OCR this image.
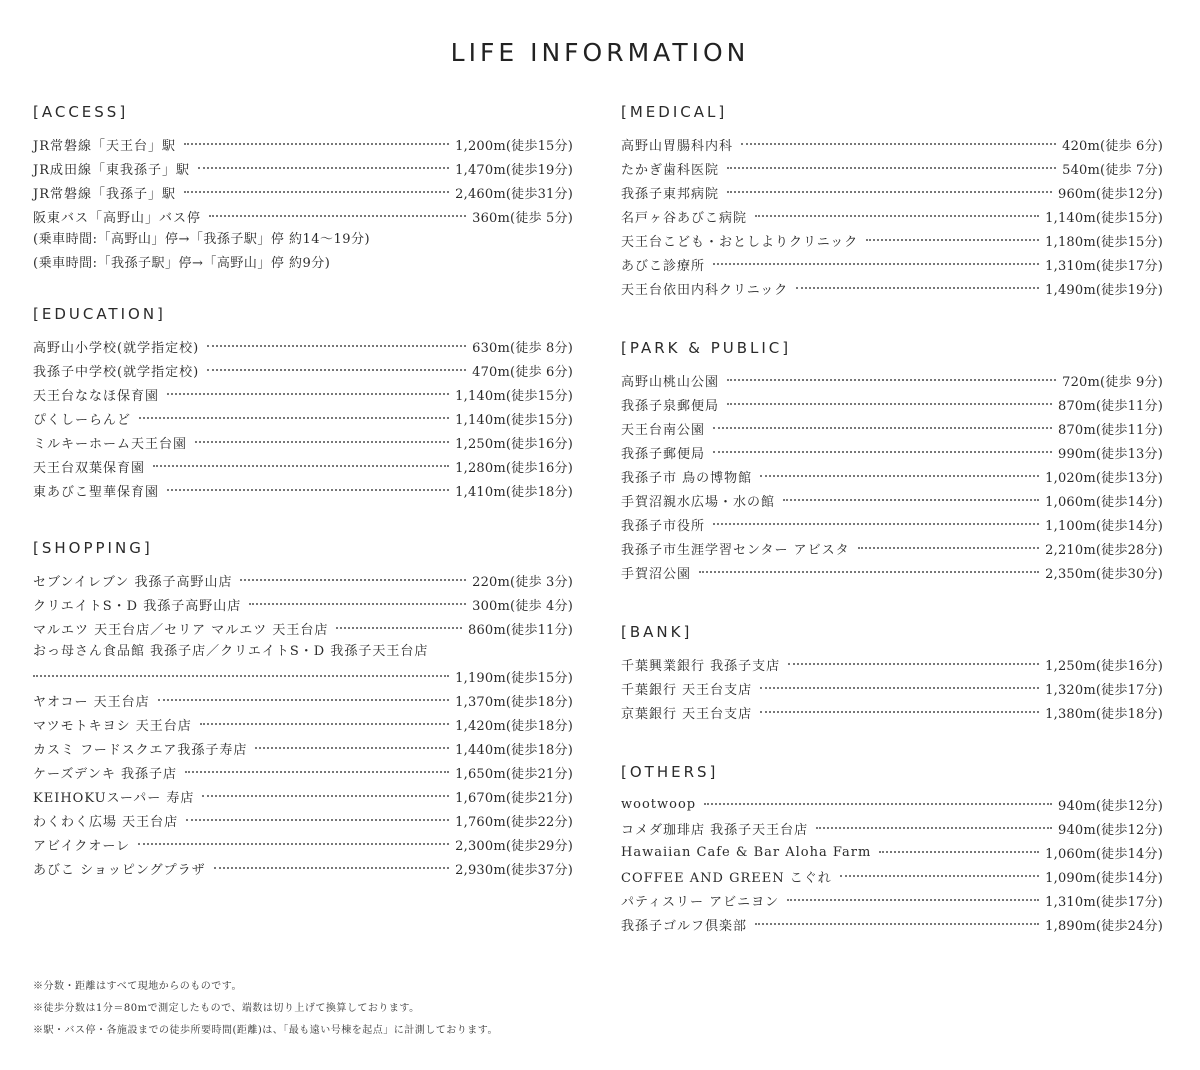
LIFE INFORMATION
[ACCESS]
JR常磐線「天王台」駅	1,200m(徒歩15分)
JR成田線「東我孫子」駅	1,470m(徒歩19分)
JR常磐線「我孫子」駅	2,460m(徒歩31分)
阪東バス「高野山」バス停	360m(徒歩 5分)
(乗車時間:「高野山」停→「我孫子駅」停 約14～19分)
(乗車時間:「我孫子駅」停→「高野山」停 約9分)
[EDUCATION]
高野山小学校(就学指定校)	630m(徒歩 8分)
我孫子中学校(就学指定校)	470m(徒歩 6分)
天王台ななほ保育園	1,140m(徒歩15分)
ぴくしーらんど	1,140m(徒歩15分)
ミルキーホーム天王台園	1,250m(徒歩16分)
天王台双葉保育園	1,280m(徒歩16分)
東あびこ聖華保育園	1,410m(徒歩18分)
[SHOPPING]
セブンイレブン 我孫子高野山店	220m(徒歩 3分)
クリエイトS・D 我孫子高野山店	300m(徒歩 4分)
マルエツ 天王台店／セリア マルエツ 天王台店	860m(徒歩11分)
おっ母さん食品館 我孫子店／クリエイトS・D 我孫子天王台店
1,190m(徒歩15分)
ヤオコー 天王台店	1,370m(徒歩18分)
マツモトキヨシ 天王台店	1,420m(徒歩18分)
カスミ フードスクエア我孫子寿店	1,440m(徒歩18分)
ケーズデンキ 我孫子店	1,650m(徒歩21分)
KEIHOKUスーパー 寿店	1,670m(徒歩21分)
わくわく広場 天王台店	1,760m(徒歩22分)
アビイクオーレ	2,300m(徒歩29分)
あびこ ショッピングプラザ	2,930m(徒歩37分)
[MEDICAL]
高野山胃腸科内科	420m(徒歩 6分)
たかぎ歯科医院	540m(徒歩 7分)
我孫子東邦病院	960m(徒歩12分)
名戸ヶ谷あびこ病院	1,140m(徒歩15分)
天王台こども・おとしよりクリニック	1,180m(徒歩15分)
あびこ診療所	1,310m(徒歩17分)
天王台依田内科クリニック	1,490m(徒歩19分)
[PARK & PUBLIC]
高野山桃山公園	720m(徒歩 9分)
我孫子泉郵便局	870m(徒歩11分)
天王台南公園	870m(徒歩11分)
我孫子郵便局	990m(徒歩13分)
我孫子市 鳥の博物館	1,020m(徒歩13分)
手賀沼親水広場・水の館	1,060m(徒歩14分)
我孫子市役所	1,100m(徒歩14分)
我孫子市生涯学習センター アビスタ	2,210m(徒歩28分)
手賀沼公園	2,350m(徒歩30分)
[BANK]
千葉興業銀行 我孫子支店	1,250m(徒歩16分)
千葉銀行 天王台支店	1,320m(徒歩17分)
京葉銀行 天王台支店	1,380m(徒歩18分)
[OTHERS]
wootwoop	940m(徒歩12分)
コメダ珈琲店 我孫子天王台店	940m(徒歩12分)
Hawaiian Cafe & Bar Aloha Farm	1,060m(徒歩14分)
COFFEE AND GREEN こぐれ	1,090m(徒歩14分)
パティスリー アビニヨン	1,310m(徒歩17分)
我孫子ゴルフ倶楽部	1,890m(徒歩24分)
※分数・距離はすべて現地からのものです。
※徒歩分数は1分＝80mで測定したもので、端数は切り上げて換算しております。
※駅・バス停・各施設までの徒歩所要時間(距離)は、「最も遠い号棟を起点」に計測しております。
